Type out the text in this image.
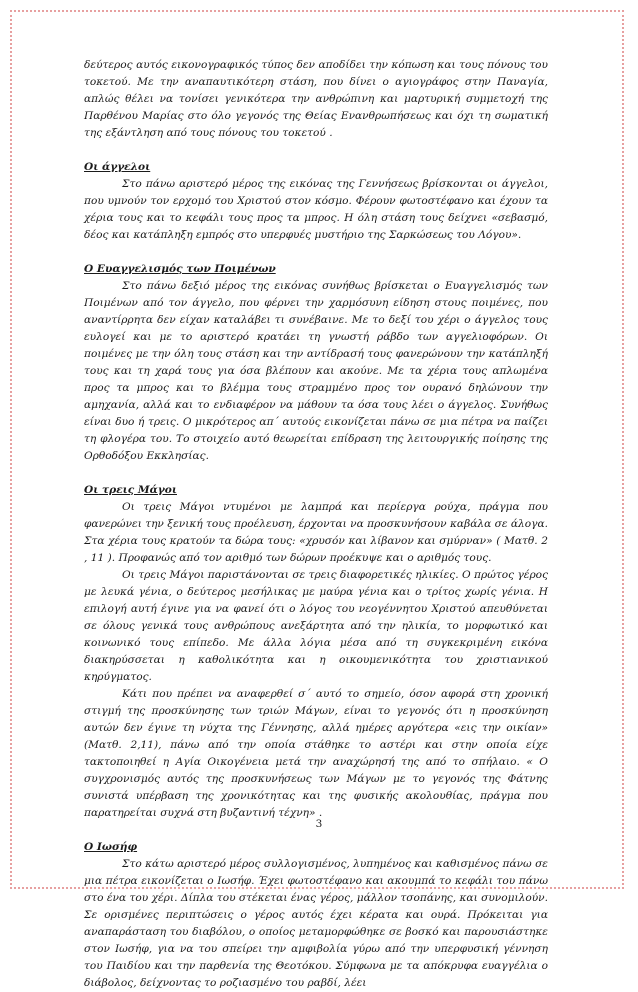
δεύτερος αυτός εικονογραφικός τύπος δεν αποδίδει την κόπωση και τους πόνους του τοκετού. Με την αναπαυτικότερη στάση, που δίνει ο αγιογράφος στην Παναγία, απλώς θέλει να τονίσει γενικότερα την ανθρώπινη και μαρτυρική συμμετοχή της Παρθένου Μαρίας στο όλο γεγονός της Θείας Ενανθρωπήσεως και όχι τη σωματική της εξάντληση από τους πόνους του τοκετού .

Οι άγγελοι

Στο πάνω αριστερό μέρος της εικόνας της Γεννήσεως βρίσκονται οι άγγελοι, που υμνούν τον ερχομό του Χριστού στον κόσμο. Φέρουν φωτοστέφανο και έχουν τα χέρια τους και το κεφάλι τους προς τα μπρος. Η όλη στάση τους δείχνει «σεβασμό, δέος και κατάπληξη εμπρός στο υπερφυές μυστήριο της Σαρκώσεως του Λόγου».

Ο Ευαγγελισμός των Ποιμένων

Στο πάνω δεξιό μέρος της εικόνας συνήθως βρίσκεται ο Ευαγγελισμός των Ποιμένων από τον άγγελο, που φέρνει την χαρμόσυνη είδηση στους ποιμένες, που αναντίρρητα δεν είχαν καταλάβει τι συνέβαινε. Με το δεξί του χέρι ο άγγελος τους ευλογεί και με το αριστερό κρατάει τη γνωστή ράβδο των αγγελιοφόρων. Οι ποιμένες με την όλη τους στάση και την αντίδρασή τους φανερώνουν την κατάπληξή τους και τη χαρά τους για όσα βλέπουν και ακούνε. Με τα χέρια τους απλωμένα προς τα μπρος και το βλέμμα τους στραμμένο προς τον ουρανό δηλώνουν την αμηχανία, αλλά και το ενδιαφέρον να μάθουν τα όσα τους λέει ο άγγελος. Συνήθως είναι δυο ή τρεις. Ο μικρότερος απ΄ αυτούς εικονίζεται πάνω σε μια πέτρα να παίζει τη φλογέρα του. Το στοιχείο αυτό θεωρείται επίδραση της λειτουργικής ποίησης της Ορθοδόξου Εκκλησίας.

Οι τρεις Μάγοι

Οι τρεις Μάγοι ντυμένοι με λαμπρά και περίεργα ρούχα, πράγμα που φανερώνει την ξενική τους προέλευση, έρχονται να προσκυνήσουν καβάλα σε άλογα. Στα χέρια τους κρατούν τα δώρα τους: «χρυσόν και λίβανον και σμύρναν» ( Ματθ. 2 , 11 ). Προφανώς από τον αριθμό των δώρων προέκυψε και ο αριθμός τους.

Οι τρεις Μάγοι παριστάνονται σε τρεις διαφορετικές ηλικίες. Ο πρώτος γέρος με λευκά γένια, ο δεύτερος μεσήλικας με μαύρα γένια και ο τρίτος χωρίς γένια. Η επιλογή αυτή έγινε για να φανεί ότι ο λόγος του νεογέννητου Χριστού απευθύνεται σε όλους γενικά τους ανθρώπους ανεξάρτητα από την ηλικία, το μορφωτικό και κοινωνικό τους επίπεδο. Με άλλα λόγια μέσα από τη συγκεκριμένη εικόνα διακηρύσσεται η καθολικότητα και η οικουμενικότητα του χριστιανικού κηρύγματος.

Κάτι που πρέπει να αναφερθεί σ΄ αυτό το σημείο, όσον αφορά στη χρονική στιγμή της προσκύνησης των τριών Μάγων, είναι το γεγονός ότι η προσκύνηση αυτών δεν έγινε τη νύχτα της Γέννησης, αλλά ημέρες αργότερα «εις την οικίαν» (Ματθ. 2,11), πάνω από την οποία στάθηκε το αστέρι και στην οποία είχε τακτοποιηθεί η Αγία Οικογένεια μετά την αναχώρησή της από το σπήλαιο. « Ο συγχρονισμός αυτός της προσκυνήσεως των Μάγων με το γεγονός της Φάτνης συνιστά υπέρβαση της χρονικότητας και της φυσικής ακολουθίας, πράγμα που παρατηρείται συχνά στη βυζαντινή τέχνη» .

Ο Ιωσήφ

Στο κάτω αριστερό μέρος συλλογισμένος, λυπημένος και καθισμένος πάνω σε μια πέτρα εικονίζεται ο Ιωσήφ. Έχει φωτοστέφανο και ακουμπά το κεφάλι του πάνω στο ένα του χέρι. Δίπλα του στέκεται ένας γέρος, μάλλον τσοπάνης, και συνομιλούν. Σε ορισμένες περιπτώσεις ο γέρος αυτός έχει κέρατα και ουρά. Πρόκειται για αναπαράσταση του διαβόλου, ο οποίος μεταμορφώθηκε σε βοσκό και παρουσιάστηκε στον Ιωσήφ, για να του σπείρει την αμφιβολία γύρω από την υπερφυσική γέννηση του Παιδίου και την παρθενία της Θεοτόκου. Σύμφωνα με τα απόκρυφα ευαγγέλια ο διάβολος, δείχνοντας το ροζιασμένο του ραβδί, λέει

3
